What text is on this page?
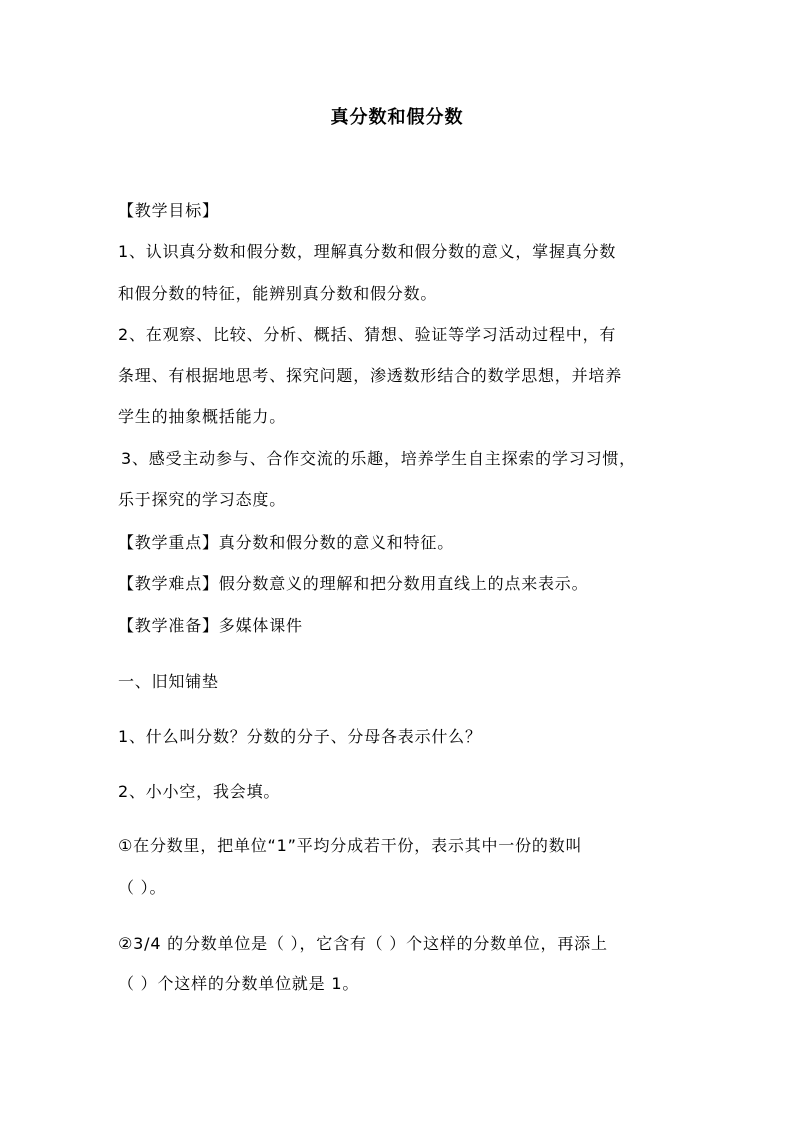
真分数和假分数
【教学目标】
1、认识真分数和假分数，理解真分数和假分数的意义，掌握真分数
和假分数的特征，能辨别真分数和假分数。
2、在观察、比较、分析、概括、猜想、验证等学习活动过程中，有
条理、有根据地思考、探究问题，渗透数形结合的数学思想，并培养
学生的抽象概括能力。
3、感受主动参与、合作交流的乐趣，培养学生自主探索的学习习惯，
乐于探究的学习态度。
【教学重点】真分数和假分数的意义和特征。
【教学难点】假分数意义的理解和把分数用直线上的点来表示。
【教学准备】多媒体课件
一、旧知铺垫
1、什么叫分数？分数的分子、分母各表示什么？
2、小小空，我会填。
①在分数里，把单位“1”平均分成若干份，表示其中一份的数叫
（ ）。
②3/4 的分数单位是（ ），它含有（ ）个这样的分数单位，再添上
（ ）个这样的分数单位就是 1。
